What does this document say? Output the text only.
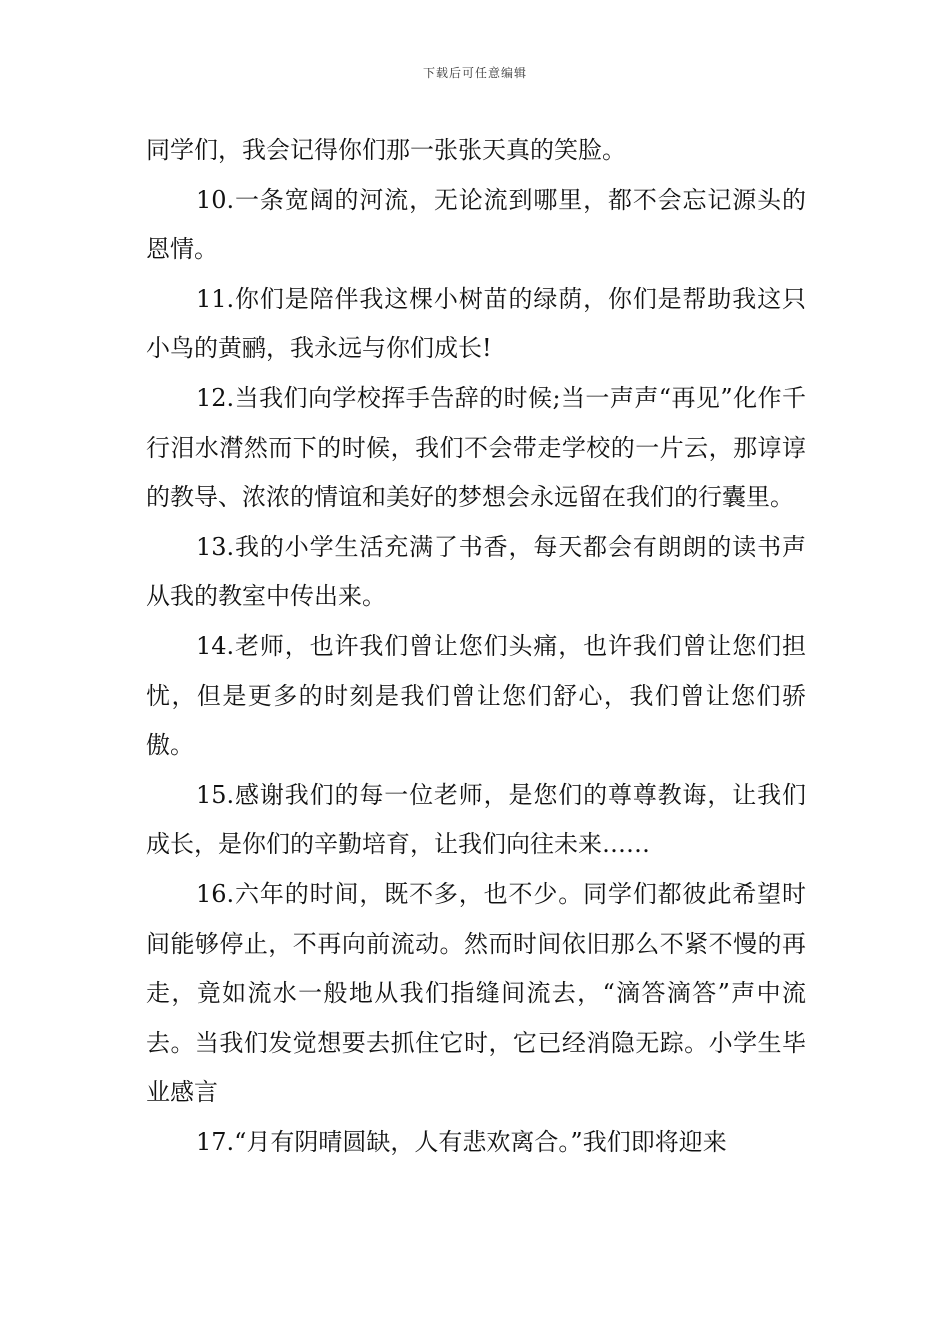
下载后可任意编辑

同学们，我会记得你们那一张张天真的笑脸。

10.一条宽阔的河流，无论流到哪里，都不会忘记源头的恩情。

11.你们是陪伴我这棵小树苗的绿荫，你们是帮助我这只小鸟的黄鹂，我永远与你们成长!

12.当我们向学校挥手告辞的时候;当一声声“再见”化作千行泪水潸然而下的时候，我们不会带走学校的一片云，那谆谆的教导、浓浓的情谊和美好的梦想会永远留在我们的行囊里。

13.我的小学生活充满了书香，每天都会有朗朗的读书声从我的教室中传出来。

14.老师，也许我们曾让您们头痛，也许我们曾让您们担忧，但是更多的时刻是我们曾让您们舒心，我们曾让您们骄傲。

15.感谢我们的每一位老师，是您们的尊尊教诲，让我们成长，是你们的辛勤培育，让我们向往未来……

16.六年的时间，既不多，也不少。同学们都彼此希望时间能够停止，不再向前流动。然而时间依旧那么不紧不慢的再走，竟如流水一般地从我们指缝间流去，“滴答滴答”声中流去。当我们发觉想要去抓住它时，它已经消隐无踪。小学生毕业感言

17.“月有阴晴圆缺，人有悲欢离合。”我们即将迎来
